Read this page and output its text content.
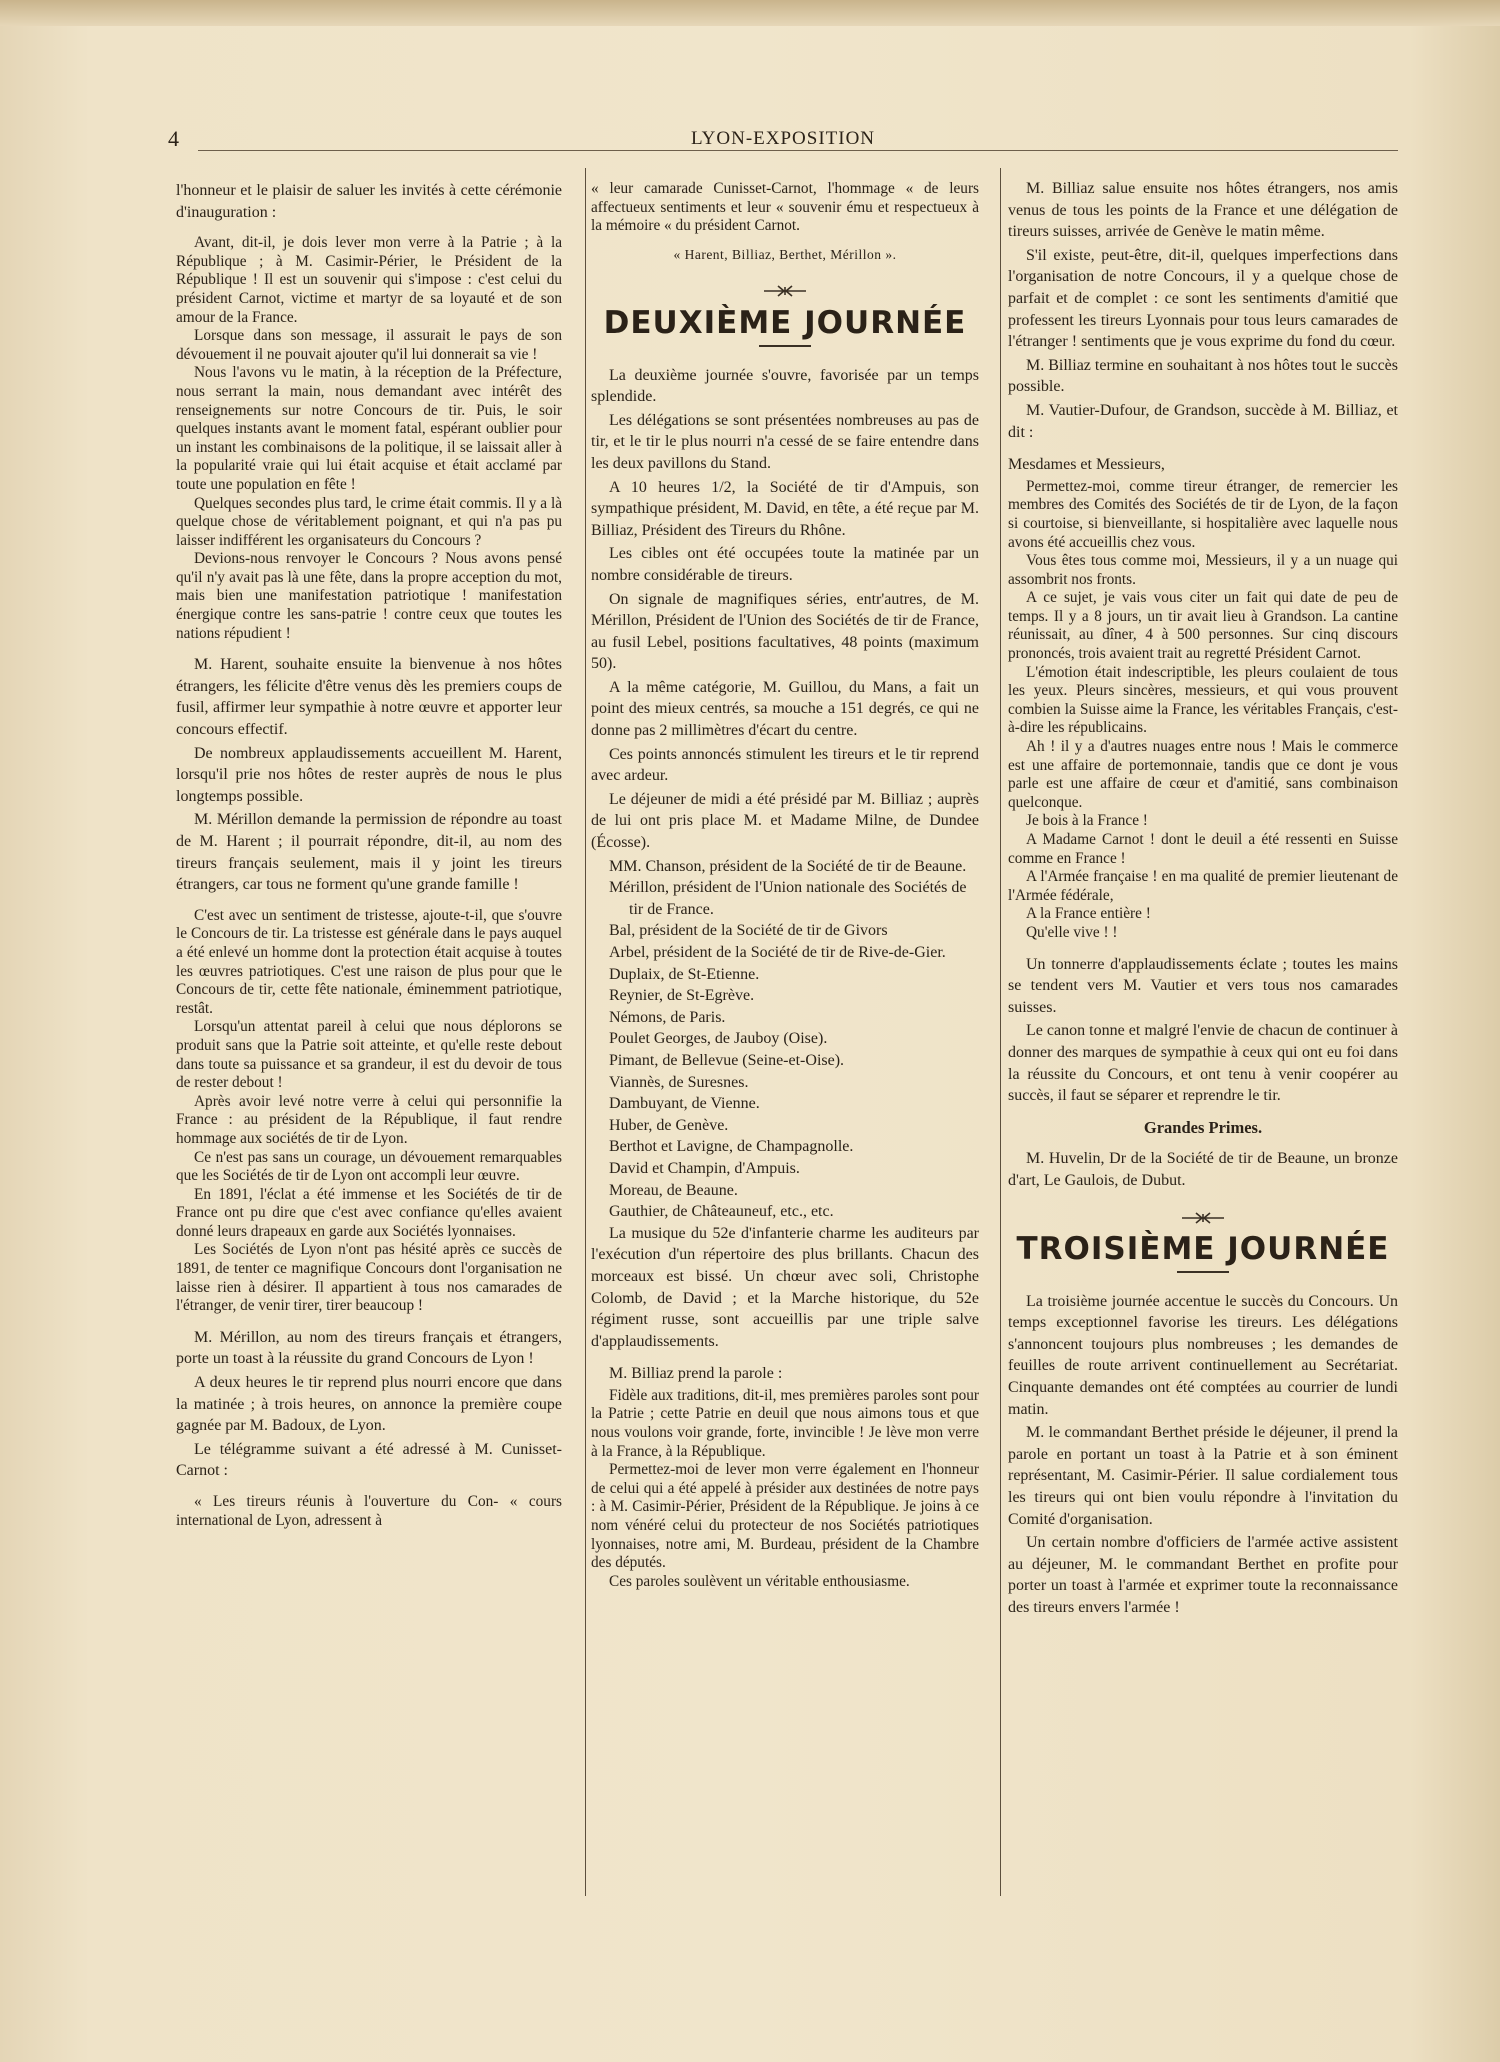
4	LYON-EXPOSITION

l'honneur et le plaisir de saluer les invités à cette cérémonie d'inauguration :

Avant, dit-il, je dois lever mon verre à la Patrie ; à la République ; à M. Casimir-Périer, le Président de la République ! Il est un souvenir qui s'impose : c'est celui du président Carnot, victime et martyr de sa loyauté et de son amour de la France.

Lorsque dans son message, il assurait le pays de son dévouement il ne pouvait ajouter qu'il lui donnerait sa vie !

Nous l'avons vu le matin, à la réception de la Préfecture, nous serrant la main, nous demandant avec intérêt des renseignements sur notre Concours de tir. Puis, le soir quelques instants avant le moment fatal, espérant oublier pour un instant les combinaisons de la politique, il se laissait aller à la popularité vraie qui lui était acquise et était acclamé par toute une population en fête !

Quelques secondes plus tard, le crime était commis. Il y a là quelque chose de véritablement poignant, et qui n'a pas pu laisser indifférent les organisateurs du Concours ?

Devions-nous renvoyer le Concours ? Nous avons pensé qu'il n'y avait pas là une fête, dans la propre acception du mot, mais bien une manifestation patriotique ! manifestation énergique contre les sans-patrie ! contre ceux que toutes les nations répudient !

M. Harent, souhaite ensuite la bienvenue à nos hôtes étrangers, les félicite d'être venus dès les premiers coups de fusil, affirmer leur sympathie à notre œuvre et apporter leur concours effectif.

De nombreux applaudissements accueillent M. Harent, lorsqu'il prie nos hôtes de rester auprès de nous le plus longtemps possible.

M. Mérillon demande la permission de répondre au toast de M. Harent ; il pourrait répondre, dit-il, au nom des tireurs français seulement, mais il y joint les tireurs étrangers, car tous ne forment qu'une grande famille !

C'est avec un sentiment de tristesse, ajoute-t-il, que s'ouvre le Concours de tir. La tristesse est générale dans le pays auquel a été enlevé un homme dont la protection était acquise à toutes les œuvres patriotiques. C'est une raison de plus pour que le Concours de tir, cette fête nationale, éminemment patriotique, restât.

Lorsqu'un attentat pareil à celui que nous déplorons se produit sans que la Patrie soit atteinte, et qu'elle reste debout dans toute sa puissance et sa grandeur, il est du devoir de tous de rester debout !

Après avoir levé notre verre à celui qui personnifie la France : au président de la République, il faut rendre hommage aux sociétés de tir de Lyon.

Ce n'est pas sans un courage, un dévouement remarquables que les Sociétés de tir de Lyon ont accompli leur œuvre.

En 1891, l'éclat a été immense et les Sociétés de tir de France ont pu dire que c'est avec confiance qu'elles avaient donné leurs drapeaux en garde aux Sociétés lyonnaises.

Les Sociétés de Lyon n'ont pas hésité après ce succès de 1891, de tenter ce magnifique Concours dont l'organisation ne laisse rien à désirer. Il appartient à tous nos camarades de l'étranger, de venir tirer, tirer beaucoup !

M. Mérillon, au nom des tireurs français et étrangers, porte un toast à la réussite du grand Concours de Lyon !

A deux heures le tir reprend plus nourri encore que dans la matinée ; à trois heures, on annonce la première coupe gagnée par M. Badoux, de Lyon.

Le télégramme suivant a été adressé à M. Cunisset-Carnot :

« Les tireurs réunis à l'ouverture du Con- « cours international de Lyon, adressent à

« leur camarade Cunisset-Carnot, l'hommage « de leurs affectueux sentiments et leur « souvenir ému et respectueux à la mémoire « du président Carnot.

« Harent, Billiaz, Berthet, Mérillon ».
DEUXIÈME JOURNÉE

La deuxième journée s'ouvre, favorisée par un temps splendide.

Les délégations se sont présentées nombreuses au pas de tir, et le tir le plus nourri n'a cessé de se faire entendre dans les deux pavillons du Stand.

A 10 heures 1/2, la Société de tir d'Ampuis, son sympathique président, M. David, en tête, a été reçue par M. Billiaz, Président des Tireurs du Rhône.

Les cibles ont été occupées toute la matinée par un nombre considérable de tireurs.

On signale de magnifiques séries, entr'autres, de M. Mérillon, Président de l'Union des Sociétés de tir de France, au fusil Lebel, positions facultatives, 48 points (maximum 50).

A la même catégorie, M. Guillou, du Mans, a fait un point des mieux centrés, sa mouche a 151 degrés, ce qui ne donne pas 2 millimètres d'écart du centre.

Ces points annoncés stimulent les tireurs et le tir reprend avec ardeur.

Le déjeuner de midi a été présidé par M. Billiaz ; auprès de lui ont pris place M. et Madame Milne, de Dundee (Écosse).

MM. Chanson, président de la Société de tir de Beaune.
Mérillon, président de l'Union nationale des Sociétés de tir de France.
Bal, président de la Société de tir de Givors
Arbel, président de la Société de tir de Rive-de-Gier.
Duplaix, de St-Etienne.
Reynier, de St-Egrève.
Némons, de Paris.
Poulet Georges, de Jauboy (Oise).
Pimant, de Bellevue (Seine-et-Oise).
Viannès, de Suresnes.
Dambuyant, de Vienne.
Huber, de Genève.
Berthot et Lavigne, de Champagnolle.
David et Champin, d'Ampuis.
Moreau, de Beaune.
Gauthier, de Châteauneuf, etc., etc.

La musique du 52e d'infanterie charme les auditeurs par l'exécution d'un répertoire des plus brillants. Chacun des morceaux est bissé. Un chœur avec soli, Christophe Colomb, de David ; et la Marche historique, du 52e régiment russe, sont accueillis par une triple salve d'applaudissements.

M. Billiaz prend la parole :

Fidèle aux traditions, dit-il, mes premières paroles sont pour la Patrie ; cette Patrie en deuil que nous aimons tous et que nous voulons voir grande, forte, invincible ! Je lève mon verre à la France, à la République.

Permettez-moi de lever mon verre également en l'honneur de celui qui a été appelé à présider aux destinées de notre pays : à M. Casimir-Périer, Président de la République. Je joins à ce nom vénéré celui du protecteur de nos Sociétés patriotiques lyonnaises, notre ami, M. Burdeau, président de la Chambre des députés.

Ces paroles soulèvent un véritable enthousiasme.

M. Billiaz salue ensuite nos hôtes étrangers, nos amis venus de tous les points de la France et une délégation de tireurs suisses, arrivée de Genève le matin même.

S'il existe, peut-être, dit-il, quelques imperfections dans l'organisation de notre Concours, il y a quelque chose de parfait et de complet : ce sont les sentiments d'amitié que professent les tireurs Lyonnais pour tous leurs camarades de l'étranger ! sentiments que je vous exprime du fond du cœur.

M. Billiaz termine en souhaitant à nos hôtes tout le succès possible.

M. Vautier-Dufour, de Grandson, succède à M. Billiaz, et dit :

Mesdames et Messieurs,

Permettez-moi, comme tireur étranger, de remercier les membres des Comités des Sociétés de tir de Lyon, de la façon si courtoise, si bienveillante, si hospitalière avec laquelle nous avons été accueillis chez vous.

Vous êtes tous comme moi, Messieurs, il y a un nuage qui assombrit nos fronts.

A ce sujet, je vais vous citer un fait qui date de peu de temps. Il y a 8 jours, un tir avait lieu à Grandson. La cantine réunissait, au dîner, 4 à 500 personnes. Sur cinq discours prononcés, trois avaient trait au regretté Président Carnot.

L'émotion était indescriptible, les pleurs coulaient de tous les yeux. Pleurs sincères, messieurs, et qui vous prouvent combien la Suisse aime la France, les véritables Français, c'est-à-dire les républicains.

Ah ! il y a d'autres nuages entre nous ! Mais le commerce est une affaire de portemonnaie, tandis que ce dont je vous parle est une affaire de cœur et d'amitié, sans combinaison quelconque.

Je bois à la France !

A Madame Carnot ! dont le deuil a été ressenti en Suisse comme en France !

A l'Armée française ! en ma qualité de premier lieutenant de l'Armée fédérale,

A la France entière !

Qu'elle vive ! !

Un tonnerre d'applaudissements éclate ; toutes les mains se tendent vers M. Vautier et vers tous nos camarades suisses.

Le canon tonne et malgré l'envie de chacun de continuer à donner des marques de sympathie à ceux qui ont eu foi dans la réussite du Concours, et ont tenu à venir coopérer au succès, il faut se séparer et reprendre le tir.

Grandes Primes.

M. Huvelin, Dr de la Société de tir de Beaune, un bronze d'art, Le Gaulois, de Dubut.

TROISIÈME JOURNÉE

La troisième journée accentue le succès du Concours. Un temps exceptionnel favorise les tireurs. Les délégations s'annoncent toujours plus nombreuses ; les demandes de feuilles de route arrivent continuellement au Secrétariat. Cinquante demandes ont été comptées au courrier de lundi matin.

M. le commandant Berthet préside le déjeuner, il prend la parole en portant un toast à la Patrie et à son éminent représentant, M. Casimir-Périer. Il salue cordialement tous les tireurs qui ont bien voulu répondre à l'invitation du Comité d'organisation.

Un certain nombre d'officiers de l'armée active assistent au déjeuner, M. le commandant Berthet en profite pour porter un toast à l'armée et exprimer toute la reconnaissance des tireurs envers l'armée !
